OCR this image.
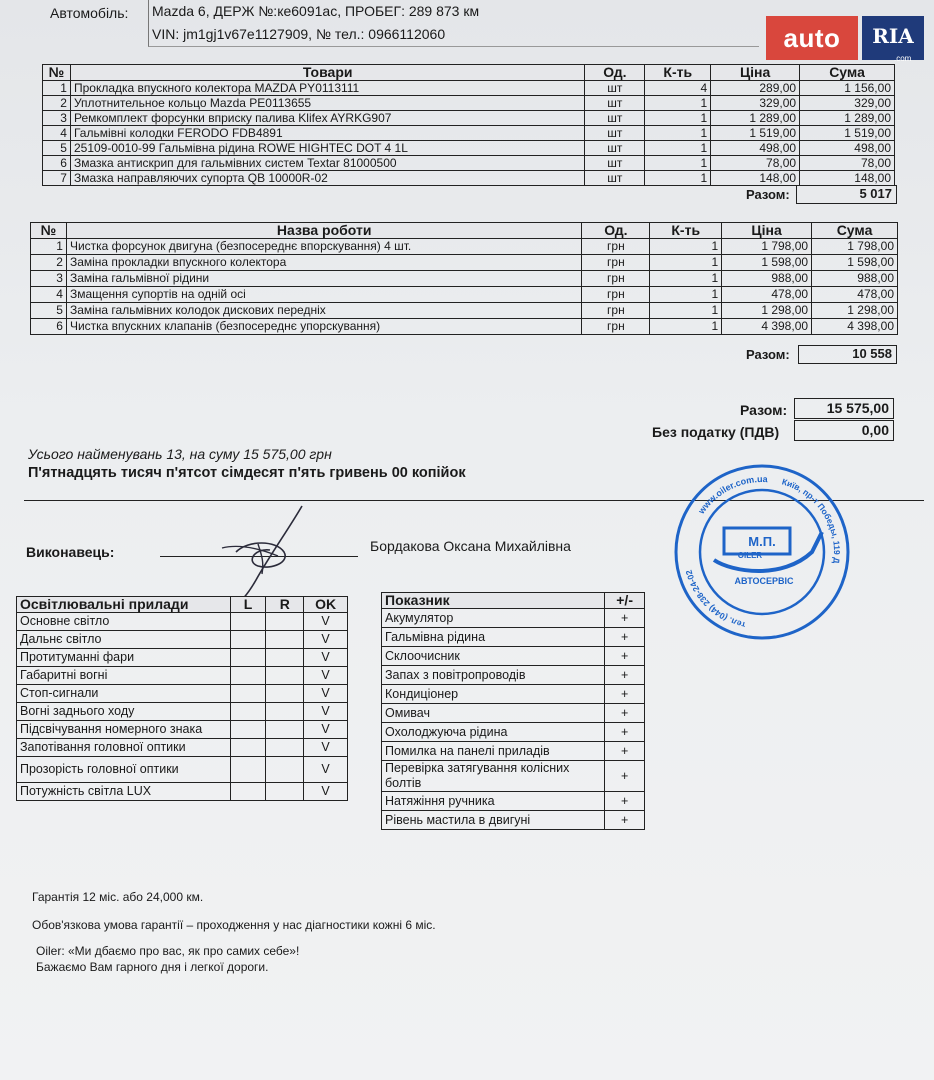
Автомобіль: Mazda 6, ДЕРЖ №:ке6091ас, ПРОБЕГ: 289 873 км
VIN: jm1gj1v67e1127909, № тел.: 0966112060	auto	RIA
.com
№	Товари	Од.	К-ть	Ціна	Сума
1	Прокладка впускного колектора MAZDA PY0113111	шт	4	289,00	1 156,00
2	Уплотнительное кольцо Mazda PE0113655	шт	1	329,00	329,00
3	Ремкомплект форсунки вприску палива Klifex AYRKG907	шт	1	1 289,00	1 289,00
4	Гальмівні колодки FERODO FDB4891	шт	1	1 519,00	1 519,00
5	25109-0010-99 Гальмівна рідина ROWE HIGHTEC DOT 4 1L	шт	1	498,00	498,00
6	Змазка антискрип для гальмівних систем Textar 81000500	шт	1	78,00	78,00
7	Змазка направляючих супорта QB 10000R-02	шт	1	148,00	148,00
Разом:	5 017
№	Назва роботи	Од.	К-ть	Ціна	Сума
1	Чистка форсунок двигуна (безпосереднє впорскування) 4 шт.	грн	1	1 798,00	1 798,00
2	Заміна прокладки впускного колектора	грн	1	1 598,00	1 598,00
3	Заміна гальмівної рідини	грн	1	988,00	988,00
4	Змащення супортів на одній осі	грн	1	478,00	478,00
5	Заміна гальмівних колодок дискових передніх	грн	1	1 298,00	1 298,00
6	Чистка впускних клапанів (безпосереднє упорскування)	грн	1	4 398,00	4 398,00
Разом:	10 558
Разом:	15 575,00
Без податку (ПДВ)	0,00
Усього найменувань 13, на суму 15 575,00 грн
П'ятнадцять тисяч п'ятсот сімдесят п'ять гривень 00 копійок
Виконавець:	Бордакова Оксана Михайлівна
www.oiler.com.ua Київ, пр-т Победы, 119 Д
тел. (044) 238-24-02
М.П.
OILER
АВТОСЕРВІС
Освітлювальні прилади	L	R	OK
Основне світло			V
Дальнє світло			V
Протитуманні фари			V
Габаритні вогні			V
Стоп-сигнали			V
Вогні заднього ходу			V
Підсвічування номерного знака			V
Запотівання головної оптики			V
Прозорість головної оптики			V
Потужність світла LUX			V
Показник	+/-
Акумулятор	+
Гальмівна рідина	+
Склоочисник	+
Запах з повітропроводів	+
Кондиціонер	+
Омивач	+
Охолоджуюча рідина	+
Помилка на панелі приладів	+
Перевірка затягування колісних болтів	+
Натяжіння ручника	+
Рівень мастила в двигуні	+
Гарантія 12 міс. або 24,000 км.
Обов'язкова умова гарантії – проходження у нас діагностики кожні 6 міс.
Oiler: «Ми дбаємо про вас, як про самих себе»!
Бажаємо Вам гарного дня і легкої дороги.
